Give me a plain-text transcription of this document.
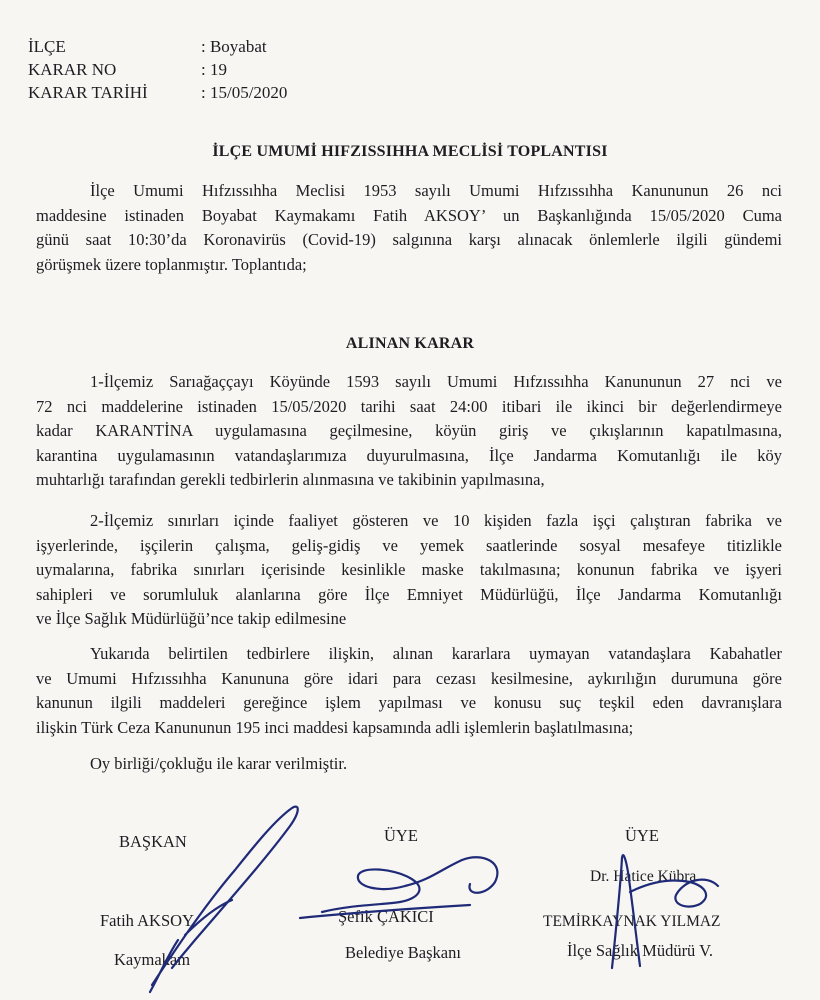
İLÇE	: Boyabat
KARAR NO	: 19
KARAR TARİHİ	: 15/05/2020
İLÇE UMUMİ HIFZISSIHHA MECLİSİ TOPLANTISI
İlçe Umumi Hıfzıssıhha Meclisi 1953 sayılı Umumi Hıfzıssıhha Kanununun 26 nci
maddesine istinaden Boyabat Kaymakamı Fatih AKSOY’ un Başkanlığında 15/05/2020 Cuma
günü saat 10:30’da Koronavirüs (Covid-19) salgınına karşı alınacak önlemlerle ilgili gündemi
görüşmek üzere toplanmıştır. Toplantıda;
ALINAN KARAR
1-İlçemiz Sarıağaççayı Köyünde 1593 sayılı Umumi Hıfzıssıhha Kanununun 27 nci ve
72 nci maddelerine istinaden 15/05/2020 tarihi saat 24:00 itibari ile ikinci bir değerlendirmeye
kadar KARANTİNA uygulamasına geçilmesine, köyün giriş ve çıkışlarının kapatılmasına,
karantina uygulamasının vatandaşlarımıza duyurulmasına, İlçe Jandarma Komutanlığı ile köy
muhtarlığı tarafından gerekli tedbirlerin alınmasına ve takibinin yapılmasına,
2-İlçemiz sınırları içinde faaliyet gösteren ve 10 kişiden fazla işçi çalıştıran fabrika ve
işyerlerinde, işçilerin çalışma, geliş-gidiş ve yemek saatlerinde sosyal mesafeye titizlikle
uymalarına, fabrika sınırları içerisinde kesinlikle maske takılmasına; konunun fabrika ve işyeri
sahipleri ve sorumluluk alanlarına göre İlçe Emniyet Müdürlüğü, İlçe Jandarma Komutanlığı
ve İlçe Sağlık Müdürlüğü’nce takip edilmesine
Yukarıda belirtilen tedbirlere ilişkin, alınan kararlara uymayan vatandaşlara Kabahatler
ve Umumi Hıfzıssıhha Kanununa göre idari para cezası kesilmesine, aykırılığın durumuna göre
kanunun ilgili maddeleri gereğince işlem yapılması ve konusu suç teşkil eden davranışlara
ilişkin Türk Ceza Kanununun 195 inci maddesi kapsamında adli işlemlerin başlatılmasına;
Oy birliği/çokluğu ile karar verilmiştir.
BAŞKAN	ÜYE	ÜYE
Dr. Hatice Kübra
Fatih AKSOY	Şefik ÇAKICI	TEMİRKAYNAK YILMAZ
Kaymakam	Belediye Başkanı	İlçe Sağlık Müdürü V.
